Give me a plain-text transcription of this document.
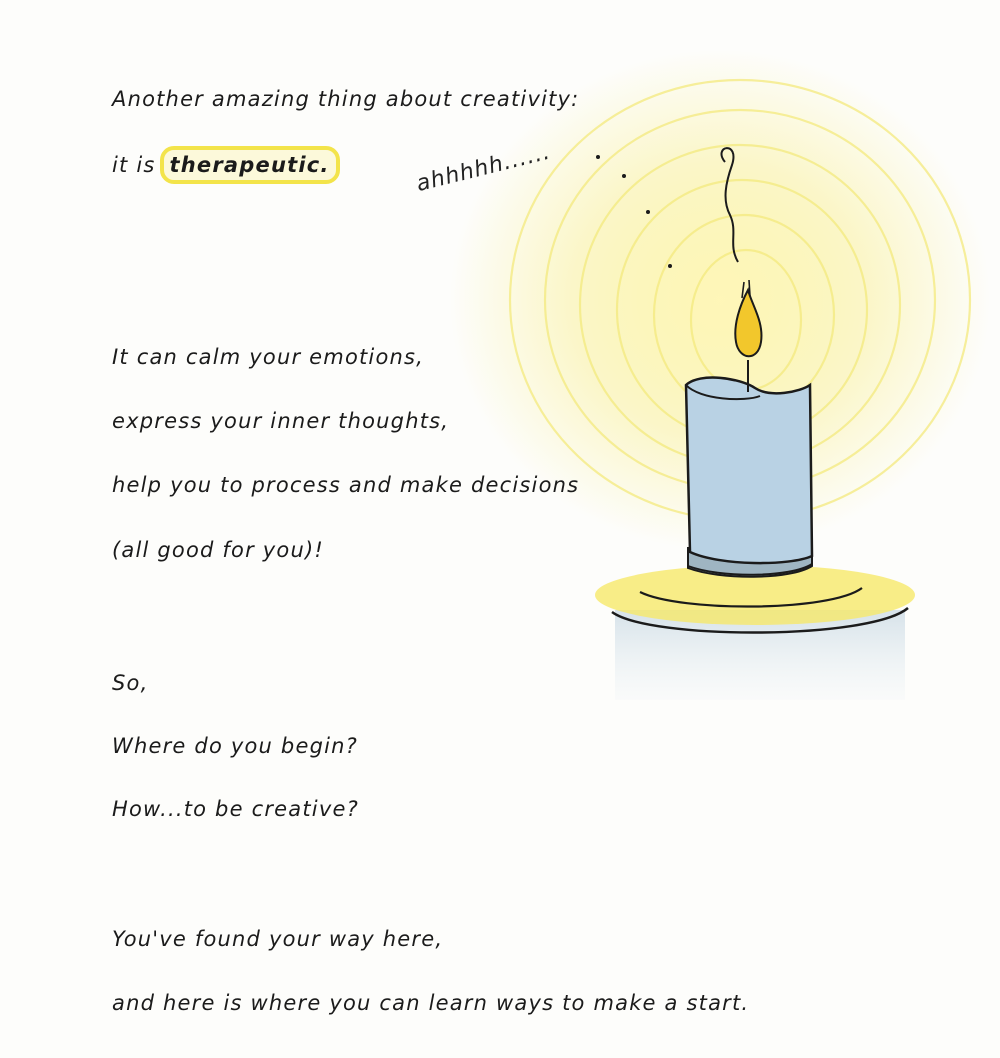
Another amazing thing about creativity:
it is therapeutic.	ahhhhh......
It can calm your emotions,
express your inner thoughts,
help you to process and make decisions
(all good for you)!
So,
Where do you begin?
How...to be creative?
You've found your way here,
and here is where you can learn ways to make a start.
